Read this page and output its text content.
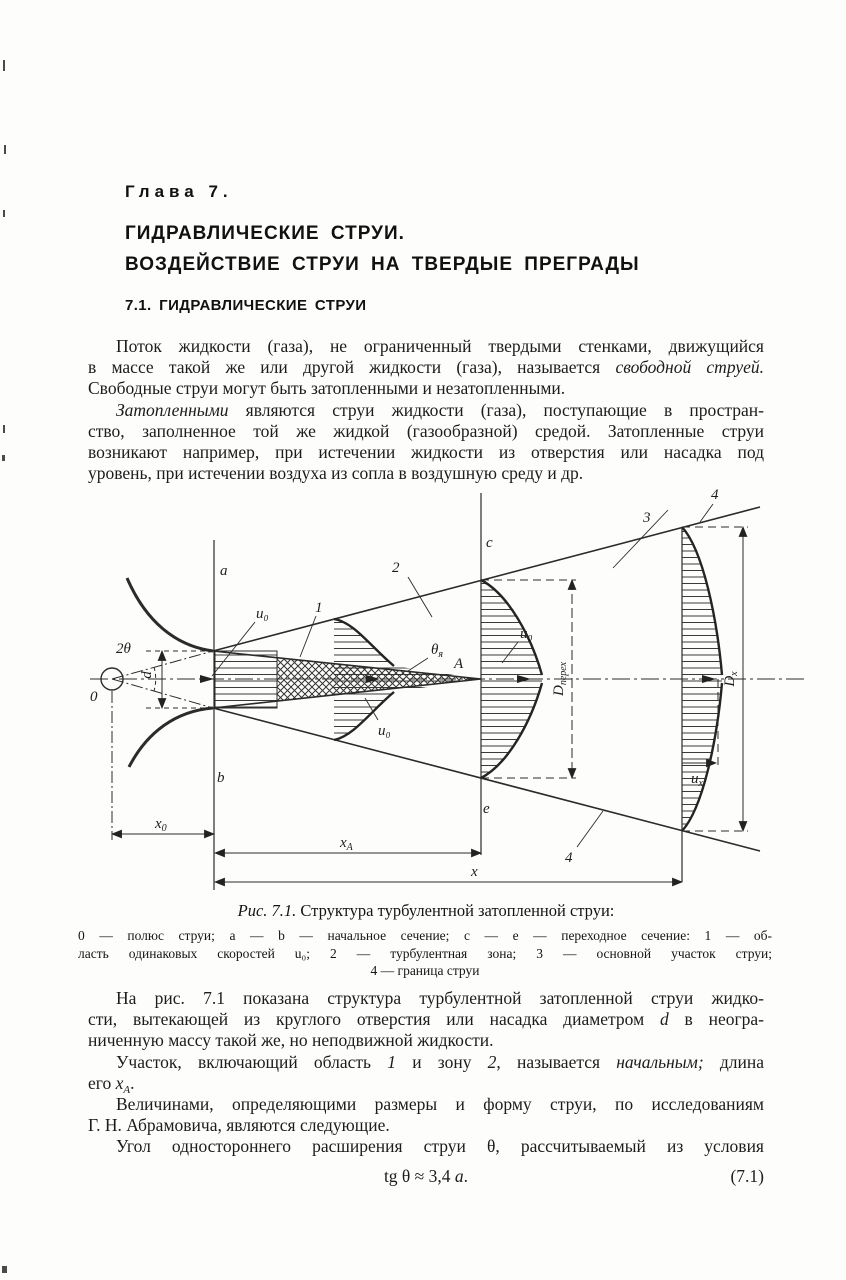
Глава 7.
ГИДРАВЛИЧЕСКИЕ СТРУИ.
ВОЗДЕЙСТВИЕ СТРУИ НА ТВЕРДЫЕ ПРЕГРАДЫ
7.1. ГИДРАВЛИЧЕСКИЕ СТРУИ
Поток жидкости (газа), не ограниченный твердыми стенками, движущийся
в массе такой же или другой жидкости (газа), называется свободной струей.
Свободные струи могут быть затопленными и незатопленными.
Затопленными являются струи жидкости (газа), поступающие в простран-
ство, заполненное той же жидкой (газообразной) средой. Затопленные струи
возникают например, при истечении жидкости из отверстия или насадка под
уровень, при истечении воздуха из сопла в воздушную среду и др.
0
2θ
d
a
b
c
e
u₀
u₀
u₀
1
2
3
4
4
$\theta_я$
A
$D_{перех}$	$D_x$
$u_x$
$x_0$
$x_A$
x
Рис. 7.1. Структура турбулентной затопленной струи:
0 — полюс струи; a — b — начальное сечение; c — e — переходное сечение: 1 — об-
ласть одинаковых скоростей u₀; 2 — турбулентная зона; 3 — основной участок струи;
4 — граница струи
На рис. 7.1 показана структура турбулентной затопленной струи жидко-
сти, вытекающей из круглого отверстия или насадка диаметром d в неогра-
ниченную массу такой же, но неподвижной жидкости.
Участок, включающий область 1 и зону 2, называется начальным; длина
его $x_A$.
Величинами, определяющими размеры и форму струи, по исследованиям
Г. Н. Абрамовича, являются следующие.
Угол одностороннего расширения струи θ, рассчитываемый из условия
tg θ ≈ 3,4 a.	(7.1)
